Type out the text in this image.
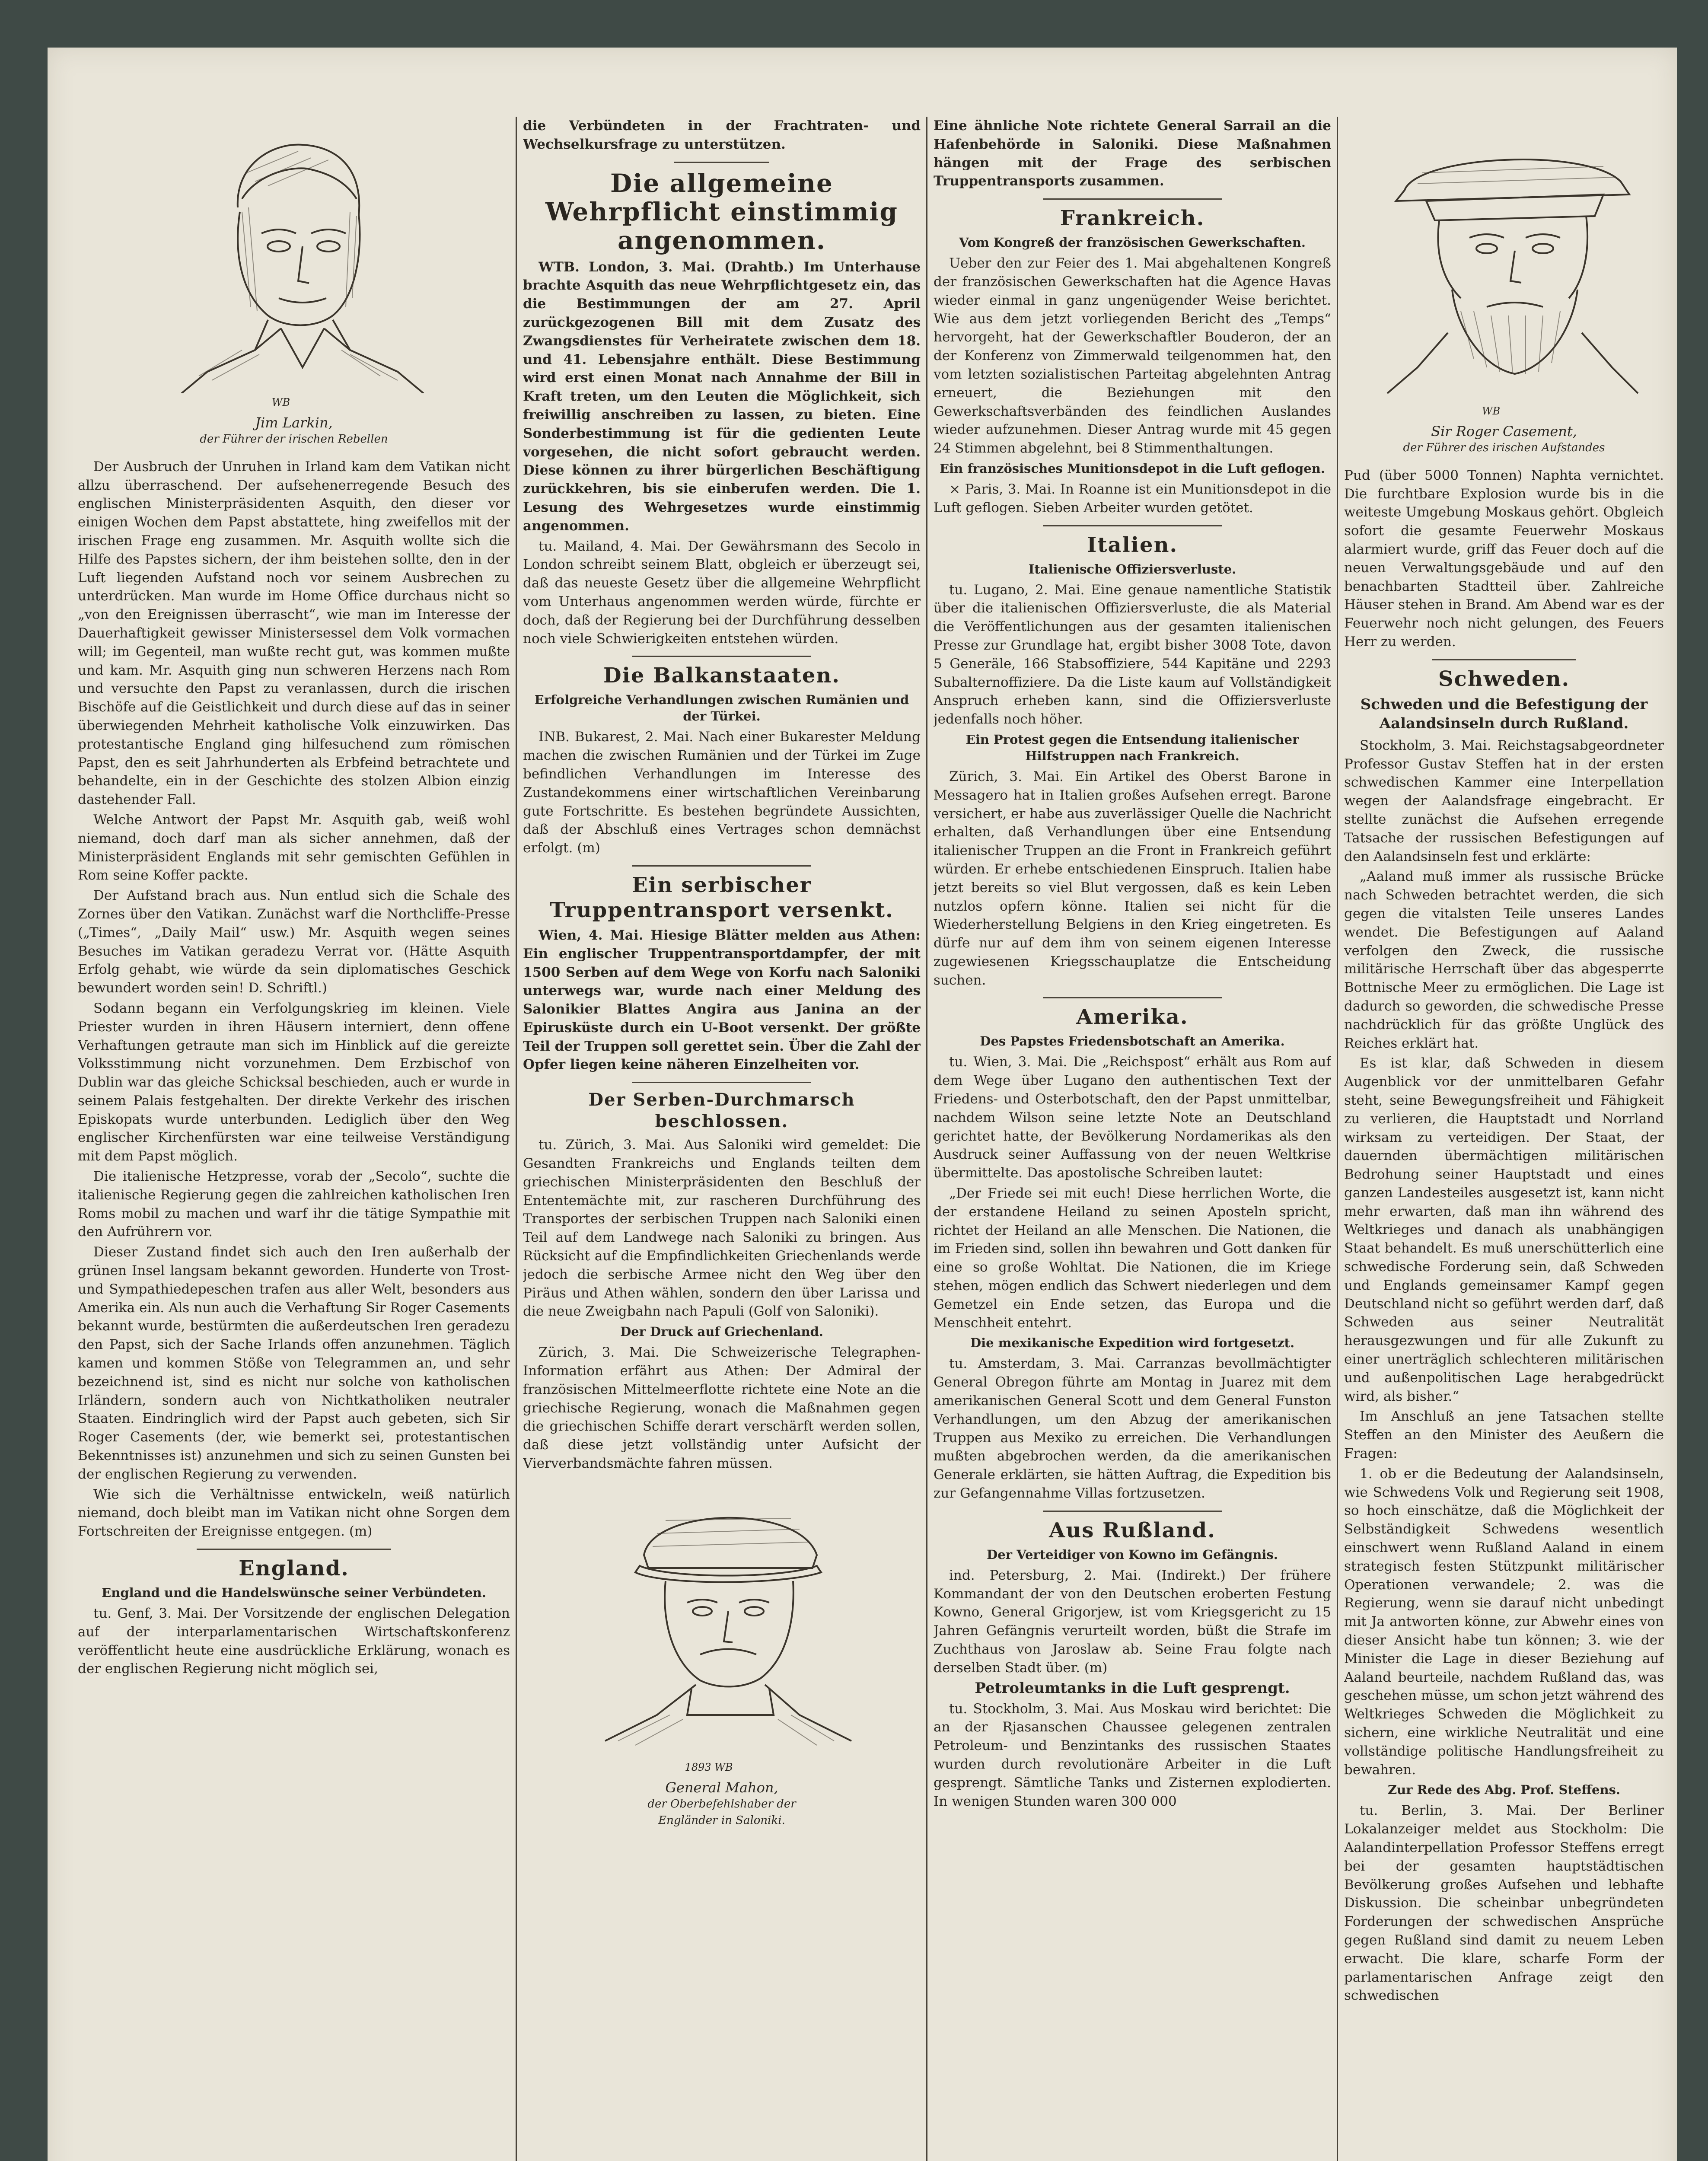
WB
Jim Larkin,
der Führer der irischen Rebellen

Der Ausbruch der Unruhen in Irland kam dem Vatikan nicht allzu überraschend. Der aufsehenerregende Besuch des englischen Ministerpräsidenten Asquith, den dieser vor einigen Wochen dem Papst abstattete, hing zweifellos mit der irischen Frage eng zusammen. Mr. Asquith wollte sich die Hilfe des Papstes sichern, der ihm beistehen sollte, den in der Luft liegenden Aufstand noch vor seinem Ausbrechen zu unterdrücken. Man wurde im Home Office durchaus nicht so „von den Ereignissen überrascht“, wie man im Interesse der Dauerhaftigkeit gewisser Ministersessel dem Volk vormachen will; im Gegenteil, man wußte recht gut, was kommen mußte und kam. Mr. Asquith ging nun schweren Herzens nach Rom und versuchte den Papst zu veranlassen, durch die irischen Bischöfe auf die Geistlichkeit und durch diese auf das in seiner überwiegenden Mehrheit katholische Volk einzuwirken. Das protestantische England ging hilfesuchend zum römischen Papst, den es seit Jahrhunderten als Erbfeind betrachtete und behandelte, ein in der Geschichte des stolzen Albion einzig dastehender Fall.

Welche Antwort der Papst Mr. Asquith gab, weiß wohl niemand, doch darf man als sicher annehmen, daß der Ministerpräsident Englands mit sehr gemischten Gefühlen in Rom seine Koffer packte.

Der Aufstand brach aus. Nun entlud sich die Schale des Zornes über den Vatikan. Zunächst warf die Northcliffe-Presse („Times“, „Daily Mail“ usw.) Mr. Asquith wegen seines Besuches im Vatikan geradezu Verrat vor. (Hätte Asquith Erfolg gehabt, wie würde da sein diplomatisches Geschick bewundert worden sein! D. Schriftl.)

Sodann begann ein Verfolgungskrieg im kleinen. Viele Priester wurden in ihren Häusern interniert, denn offene Verhaftungen getraute man sich im Hinblick auf die gereizte Volksstimmung nicht vorzunehmen. Dem Erzbischof von Dublin war das gleiche Schicksal beschieden, auch er wurde in seinem Palais festgehalten. Der direkte Verkehr des irischen Episkopats wurde unterbunden. Lediglich über den Weg englischer Kirchenfürsten war eine teilweise Verständigung mit dem Papst möglich.

Die italienische Hetzpresse, vorab der „Secolo“, suchte die italienische Regierung gegen die zahlreichen katholischen Iren Roms mobil zu machen und warf ihr die tätige Sympathie mit den Aufrührern vor.

Dieser Zustand findet sich auch den Iren außerhalb der grünen Insel langsam bekannt geworden. Hunderte von Trost- und Sympathiedepeschen trafen aus aller Welt, besonders aus Amerika ein. Als nun auch die Verhaftung Sir Roger Casements bekannt wurde, bestürmten die außerdeutschen Iren geradezu den Papst, sich der Sache Irlands offen anzunehmen. Täglich kamen und kommen Stöße von Telegrammen an, und sehr bezeichnend ist, sind es nicht nur solche von katholischen Irländern, sondern auch von Nichtkatholiken neutraler Staaten. Eindringlich wird der Papst auch gebeten, sich Sir Roger Casements (der, wie bemerkt sei, protestantischen Bekenntnisses ist) anzunehmen und sich zu seinen Gunsten bei der englischen Regierung zu verwenden.

Wie sich die Verhältnisse entwickeln, weiß natürlich niemand, doch bleibt man im Vatikan nicht ohne Sorgen dem Fortschreiten der Ereignisse entgegen. (m)

England.
England und die Handelswünsche seiner Verbündeten.

tu. Genf, 3. Mai. Der Vorsitzende der englischen Delegation auf der interparlamentarischen Wirtschaftskonferenz veröffentlicht heute eine ausdrückliche Erklärung, wonach es der englischen Regierung nicht möglich sei,

die Verbündeten in der Frachtraten- und Wechselkursfrage zu unterstützen.

Die allgemeine Wehrpflicht einstimmig angenommen.

WTB. London, 3. Mai. (Drahtb.) Im Unterhause brachte Asquith das neue Wehrpflichtgesetz ein, das die Bestimmungen der am 27. April zurückgezogenen Bill mit dem Zusatz des Zwangsdienstes für Verheiratete zwischen dem 18. und 41. Lebensjahre enthält. Diese Bestimmung wird erst einen Monat nach Annahme der Bill in Kraft treten, um den Leuten die Möglichkeit, sich freiwillig anschreiben zu lassen, zu bieten. Eine Sonderbestimmung ist für die gedienten Leute vorgesehen, die nicht sofort gebraucht werden. Diese können zu ihrer bürgerlichen Beschäftigung zurückkehren, bis sie einberufen werden. Die 1. Lesung des Wehrgesetzes wurde einstimmig angenommen.

tu. Mailand, 4. Mai. Der Gewährsmann des Secolo in London schreibt seinem Blatt, obgleich er überzeugt sei, daß das neueste Gesetz über die allgemeine Wehrpflicht vom Unterhaus angenommen werden würde, fürchte er doch, daß der Regierung bei der Durchführung desselben noch viele Schwierigkeiten entstehen würden.

Die Balkanstaaten.
Erfolgreiche Verhandlungen zwischen Rumänien und der Türkei.

INB. Bukarest, 2. Mai. Nach einer Bukarester Meldung machen die zwischen Rumänien und der Türkei im Zuge befindlichen Verhandlungen im Interesse des Zustandekommens einer wirtschaftlichen Vereinbarung gute Fortschritte. Es bestehen begründete Aussichten, daß der Abschluß eines Vertrages schon demnächst erfolgt. (m)

Ein serbischer Truppentransport versenkt.

Wien, 4. Mai. Hiesige Blätter melden aus Athen: Ein englischer Truppentransportdampfer, der mit 1500 Serben auf dem Wege von Korfu nach Saloniki unterwegs war, wurde nach einer Meldung des Salonikier Blattes Angira aus Janina an der Epirusküste durch ein U-Boot versenkt. Der größte Teil der Truppen soll gerettet sein. Über die Zahl der Opfer liegen keine näheren Einzelheiten vor.

Der Serben-Durchmarsch beschlossen.

tu. Zürich, 3. Mai. Aus Saloniki wird gemeldet: Die Gesandten Frankreichs und Englands teilten dem griechischen Ministerpräsidenten den Beschluß der Ententemächte mit, zur rascheren Durchführung des Transportes der serbischen Truppen nach Saloniki einen Teil auf dem Landwege nach Saloniki zu bringen. Aus Rücksicht auf die Empfindlichkeiten Griechenlands werde jedoch die serbische Armee nicht den Weg über den Piräus und Athen wählen, sondern den über Larissa und die neue Zweigbahn nach Papuli (Golf von Saloniki).

Der Druck auf Griechenland.

Zürich, 3. Mai. Die Schweizerische Telegraphen-Information erfährt aus Athen: Der Admiral der französischen Mittelmeerflotte richtete eine Note an die griechische Regierung, wonach die Maßnahmen gegen die griechischen Schiffe derart verschärft werden sollen, daß diese jetzt vollständig unter Aufsicht der Vierverbandsmächte fahren müssen.

1893 WB
General Mahon,
der Oberbefehlshaber der
Engländer in Saloniki.

Eine ähnliche Note richtete General Sarrail an die Hafenbehörde in Saloniki. Diese Maßnahmen hängen mit der Frage des serbischen Truppentransports zusammen.

Frankreich.
Vom Kongreß der französischen Gewerkschaften.

Ueber den zur Feier des 1. Mai abgehaltenen Kongreß der französischen Gewerkschaften hat die Agence Havas wieder einmal in ganz ungenügender Weise berichtet. Wie aus dem jetzt vorliegenden Bericht des „Temps“ hervorgeht, hat der Gewerkschaftler Bouderon, der an der Konferenz von Zimmerwald teilgenommen hat, den vom letzten sozialistischen Parteitag abgelehnten Antrag erneuert, die Beziehungen mit den Gewerkschaftsverbänden des feindlichen Auslandes wieder aufzunehmen. Dieser Antrag wurde mit 45 gegen 24 Stimmen abgelehnt, bei 8 Stimmenthaltungen.

Ein französisches Munitionsdepot in die Luft geflogen.

× Paris, 3. Mai. In Roanne ist ein Munitionsdepot in die Luft geflogen. Sieben Arbeiter wurden getötet.

Italien.
Italienische Offiziersverluste.

tu. Lugano, 2. Mai. Eine genaue namentliche Statistik über die italienischen Offiziersverluste, die als Material die Veröffentlichungen aus der gesamten italienischen Presse zur Grundlage hat, ergibt bisher 3008 Tote, davon 5 Generäle, 166 Stabsoffiziere, 544 Kapitäne und 2293 Subalternoffiziere. Da die Liste kaum auf Vollständigkeit Anspruch erheben kann, sind die Offiziersverluste jedenfalls noch höher.

Ein Protest gegen die Entsendung italienischer Hilfstruppen nach Frankreich.

Zürich, 3. Mai. Ein Artikel des Oberst Barone in Messagero hat in Italien großes Aufsehen erregt. Barone versichert, er habe aus zuverlässiger Quelle die Nachricht erhalten, daß Verhandlungen über eine Entsendung italienischer Truppen an die Front in Frankreich geführt würden. Er erhebe entschiedenen Einspruch. Italien habe jetzt bereits so viel Blut vergossen, daß es kein Leben nutzlos opfern könne. Italien sei nicht für die Wiederherstellung Belgiens in den Krieg eingetreten. Es dürfe nur auf dem ihm von seinem eigenen Interesse zugewiesenen Kriegsschauplatze die Entscheidung suchen.

Amerika.
Des Papstes Friedensbotschaft an Amerika.

tu. Wien, 3. Mai. Die „Reichspost“ erhält aus Rom auf dem Wege über Lugano den authentischen Text der Friedens- und Osterbotschaft, den der Papst unmittelbar, nachdem Wilson seine letzte Note an Deutschland gerichtet hatte, der Bevölkerung Nordamerikas als den Ausdruck seiner Auffassung von der neuen Weltkrise übermittelte. Das apostolische Schreiben lautet:

„Der Friede sei mit euch! Diese herrlichen Worte, die der erstandene Heiland zu seinen Aposteln spricht, richtet der Heiland an alle Menschen. Die Nationen, die im Frieden sind, sollen ihn bewahren und Gott danken für eine so große Wohltat. Die Nationen, die im Kriege stehen, mögen endlich das Schwert niederlegen und dem Gemetzel ein Ende setzen, das Europa und die Menschheit entehrt.

Die mexikanische Expedition wird fortgesetzt.

tu. Amsterdam, 3. Mai. Carranzas bevollmächtigter General Obregon führte am Montag in Juarez mit dem amerikanischen General Scott und dem General Funston Verhandlungen, um den Abzug der amerikanischen Truppen aus Mexiko zu erreichen. Die Verhandlungen mußten abgebrochen werden, da die amerikanischen Generale erklärten, sie hätten Auftrag, die Expedition bis zur Gefangennahme Villas fortzusetzen.

Aus Rußland.
Der Verteidiger von Kowno im Gefängnis.

ind. Petersburg, 2. Mai. (Indirekt.) Der frühere Kommandant der von den Deutschen eroberten Festung Kowno, General Grigorjew, ist vom Kriegsgericht zu 15 Jahren Gefängnis verurteilt worden, büßt die Strafe im Zuchthaus von Jaroslaw ab. Seine Frau folgte nach derselben Stadt über. (m)

Petroleumtanks in die Luft gesprengt.

tu. Stockholm, 3. Mai. Aus Moskau wird berichtet: Die an der Rjasanschen Chaussee gelegenen zentralen Petroleum- und Benzintanks des russischen Staates wurden durch revolutionäre Arbeiter in die Luft gesprengt. Sämtliche Tanks und Zisternen explodierten. In wenigen Stunden waren 300 000

WB
Sir Roger Casement,
der Führer des irischen Aufstandes

Pud (über 5000 Tonnen) Naphta vernichtet. Die furchtbare Explosion wurde bis in die weiteste Umgebung Moskaus gehört. Obgleich sofort die gesamte Feuerwehr Moskaus alarmiert wurde, griff das Feuer doch auf die neuen Verwaltungsgebäude und auf den benachbarten Stadtteil über. Zahlreiche Häuser stehen in Brand. Am Abend war es der Feuerwehr noch nicht gelungen, des Feuers Herr zu werden.

Schweden.
Schweden und die Befestigung der Aalandsinseln durch Rußland.

Stockholm, 3. Mai. Reichstagsabgeordneter Professor Gustav Steffen hat in der ersten schwedischen Kammer eine Interpellation wegen der Aalandsfrage eingebracht. Er stellte zunächst die Aufsehen erregende Tatsache der russischen Befestigungen auf den Aalandsinseln fest und erklärte:

„Aaland muß immer als russische Brücke nach Schweden betrachtet werden, die sich gegen die vitalsten Teile unseres Landes wendet. Die Befestigungen auf Aaland verfolgen den Zweck, die russische militärische Herrschaft über das abgesperrte Bottnische Meer zu ermöglichen. Die Lage ist dadurch so geworden, die schwedische Presse nachdrücklich für das größte Unglück des Reiches erklärt hat.

Es ist klar, daß Schweden in diesem Augenblick vor der unmittelbaren Gefahr steht, seine Bewegungsfreiheit und Fähigkeit zu verlieren, die Hauptstadt und Norrland wirksam zu verteidigen. Der Staat, der dauernden übermächtigen militärischen Bedrohung seiner Hauptstadt und eines ganzen Landesteiles ausgesetzt ist, kann nicht mehr erwarten, daß man ihn während des Weltkrieges und danach als unabhängigen Staat behandelt. Es muß unerschütterlich eine schwedische Forderung sein, daß Schweden und Englands gemeinsamer Kampf gegen Deutschland nicht so geführt werden darf, daß Schweden aus seiner Neutralität herausgezwungen und für alle Zukunft zu einer unerträglich schlechteren militärischen und außenpolitischen Lage herabgedrückt wird, als bisher.“

Im Anschluß an jene Tatsachen stellte Steffen an den Minister des Aeußern die Fragen:

1. ob er die Bedeutung der Aalandsinseln, wie Schwedens Volk und Regierung seit 1908, so hoch einschätze, daß die Möglichkeit der Selbständigkeit Schwedens wesentlich einschwert wenn Rußland Aaland in einem strategisch festen Stützpunkt militärischer Operationen verwandele; 2. was die Regierung, wenn sie darauf nicht unbedingt mit Ja antworten könne, zur Abwehr eines von dieser Ansicht habe tun können; 3. wie der Minister die Lage in dieser Beziehung auf Aaland beurteile, nachdem Rußland das, was geschehen müsse, um schon jetzt während des Weltkrieges Schweden die Möglichkeit zu sichern, eine wirkliche Neutralität und eine vollständige politische Handlungsfreiheit zu bewahren.

Zur Rede des Abg. Prof. Steffens.

tu. Berlin, 3. Mai. Der Berliner Lokalanzeiger meldet aus Stockholm: Die Aalandinterpellation Professor Steffens erregt bei der gesamten hauptstädtischen Bevölkerung großes Aufsehen und lebhafte Diskussion. Die scheinbar unbegründeten Forderungen der schwedischen Ansprüche gegen Rußland sind damit zu neuem Leben erwacht. Die klare, scharfe Form der parlamentarischen Anfrage zeigt den schwedischen
